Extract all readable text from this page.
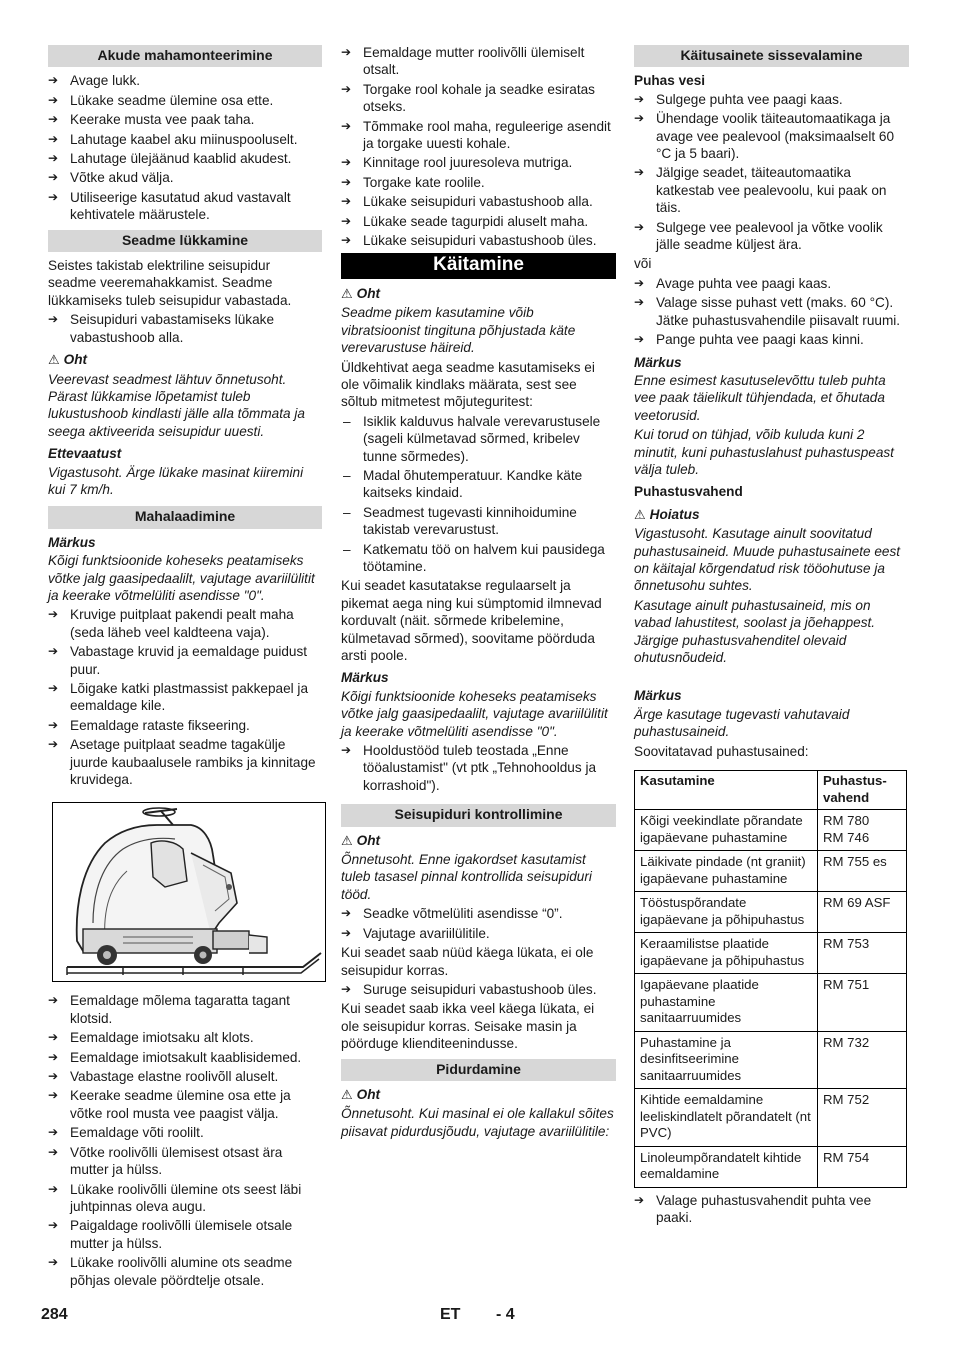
Akude mahamonteerimine
➔ Avage lukk.
➔ Lükake seadme ülemine osa ette.
➔ Keerake musta vee paak taha.
➔ Lahutage kaabel aku miinuspooluselt.
➔ Lahutage ülejäänud kaablid akudest.
➔ Võtke akud välja.
➔ Utiliseerige kasutatud akud vastavalt kehtivatele määrustele.
Seadme lükkamine
Seistes takistab elektriline seisupidur seadme veeremahakkamist. Seadme lükkamiseks tuleb seisupidur vabastada.
➔ Seisupiduri vabastamiseks lükake vabastushoob alla.
⚠ Oht
Veerevast seadmest lähtuv õnnetusoht. Pärast lükkamise lõpetamist tuleb lukustushoob kindlasti jälle alla tõmmata ja seega aktiveerida seisupidur uuesti.
Ettevaatust
Vigastusoht. Ärge lükake masinat kiiremini kui 7 km/h.
Mahalaadimine
Märkus
Kõigi funktsioonide koheseks peatamiseks võtke jalg gaasipedaalilt, vajutage avariilülitit ja keerake võtmelüliti asendisse "0".
➔ Kruvige puitplaat pakendi pealt maha (seda läheb veel kaldteena vaja).
➔ Vabastage kruvid ja eemaldage puidust puur.
➔ Lõigake katki plastmassist pakkepael ja eemaldage kile.
➔ Eemaldage rataste fikseering.
➔ Asetage puitplaat seadme tagakülje juurde kaubaalusele rambiks ja kinnitage kruvidega.
➔ Eemaldage mõlema tagaratta tagant klotsid.
➔ Eemaldage imiotsaku alt klots.
➔ Eemaldage imiotsakult kaablisidemed.
➔ Vabastage elastne roolivõll aluselt.
➔ Keerake seadme ülemine osa ette ja võtke rool musta vee paagist välja.
➔ Eemaldage võti roolilt.
➔ Võtke roolivõlli ülemisest otsast ära mutter ja hülss.
➔ Lükake roolivõlli ülemine ots seest läbi juhtpinnas oleva augu.
➔ Paigaldage roolivõlli ülemisele otsale mutter ja hülss.
➔ Lükake roolivõlli alumine ots seadme põhjas olevale pöördtelje otsale.
➔ Eemaldage mutter roolivõlli ülemiselt otsalt.
➔ Torgake rool kohale ja seadke esiratas otseks.
➔ Tõmmake rool maha, reguleerige asendit ja torgake uuesti kohale.
➔ Kinnitage rool juuresoleva mutriga.
➔ Torgake kate roolile.
➔ Lükake seisupiduri vabastushoob alla.
➔ Lükake seade tagurpidi aluselt maha.
➔ Lükake seisupiduri vabastushoob üles.
Käitamine
⚠ Oht
Seadme pikem kasutamine võib vibratsioonist tingituna põhjustada käte verevarustuse häireid.
Üldkehtivat aega seadme kasutamiseks ei ole võimalik kindlaks määrata, sest see sõltub mitmetest mõjuteguritest:
– Isiklik kalduvus halvale verevarustusele (sageli külmetavad sõrmed, kribelev tunne sõrmedes).
– Madal õhutemperatuur. Kandke käte kaitseks kindaid.
– Seadmest tugevasti kinnihoidumine takistab verevarustust.
– Katkematu töö on halvem kui pausidega töötamine.
Kui seadet kasutatakse regulaarselt ja pikemat aega ning kui sümptomid ilmnevad korduvalt (näit. sõrmede kribelemine, külmetavad sõrmed), soovitame pöörduda arsti poole.
Märkus
Kõigi funktsioonide koheseks peatamiseks võtke jalg gaasipedaalilt, vajutage avariilülitit ja keerake võtmelüliti asendisse "0".
➔ Hooldustööd tuleb teostada „Enne tööalustamist" (vt ptk „Tehnohooldus ja korrashoid").
Seisupiduri kontrollimine
⚠ Oht
Õnnetusoht. Enne igakordset kasutamist tuleb tasasel pinnal kontrollida seisupiduri tööd.
➔ Seadke võtmelüliti asendisse “0”.
➔ Vajutage avariilülitile.
Kui seadet saab nüüd käega lükata, ei ole seisupidur korras.
➔ Suruge seisupiduri vabastushoob üles.
Kui seadet saab ikka veel käega lükata, ei ole seisupidur korras. Seisake masin ja pöörduge klienditeenindusse.
Pidurdamine
⚠ Oht
Õnnetusoht. Kui masinal ei ole kallakul sõites piisavat pidurdusjõudu, vajutage avariilülitile:
Käitusainete sissevalamine
Puhas vesi
➔ Sulgege puhta vee paagi kaas.
➔ Ühendage voolik täiteautomaatikaga ja avage vee pealevool (maksimaalselt 60 °C ja 5 baari).
➔ Jälgige seadet, täiteautomaatika katkestab vee pealevoolu, kui paak on täis.
➔ Sulgege vee pealevool ja võtke voolik jälle seadme küljest ära.
või
➔ Avage puhta vee paagi kaas.
➔ Valage sisse puhast vett (maks. 60 °C). Jätke puhastusvahendile piisavalt ruumi.
➔ Pange puhta vee paagi kaas kinni.
Märkus
Enne esimest kasutuselevõttu tuleb puhta vee paak täielikult tühjendada, et õhutada veetorusid.
Kui torud on tühjad, võib kuluda kuni 2 minutit, kuni puhastuslahust puhastuspeast välja tuleb.
Puhastusvahend
⚠ Hoiatus
Vigastusoht. Kasutage ainult soovitatud puhastusaineid. Muude puhastusainete eest on käitajal kõrgendatud risk tööohutuse ja õnnetusohu suhtes.
Kasutage ainult puhastusaineid, mis on vabad lahustitest, soolast ja jõehappest. Järgige puhastusvahenditel olevaid ohutusnõudeid.
Märkus
Ärge kasutage tugevasti vahutavaid puhastusaineid.
Soovitatavad puhastusained:
Kasutamine	Puhastus-vahend
Kõigi veekindlate põrandate igapäevane puhastamine	RM 780
RM 746
Läikivate pindade (nt graniit) igapäevane puhastamine	RM 755 es
Tööstuspõrandate igapäevane ja põhipuhastus	RM 69 ASF
Keraamilistse plaatide igapäevane ja põhipuhastus	RM 753
Igapäevane plaatide puhastamine sanitaarruumides	RM 751
Puhastamine ja desinfitseerimine sanitaarruumides	RM 732
Kihtide eemaldamine leeliskindlatelt põrandatelt (nt PVC)	RM 752
Linoleumpõrandatelt kihtide eemaldamine	RM 754
➔ Valage puhastusvahendit puhta vee paaki.
284	ET - 4
